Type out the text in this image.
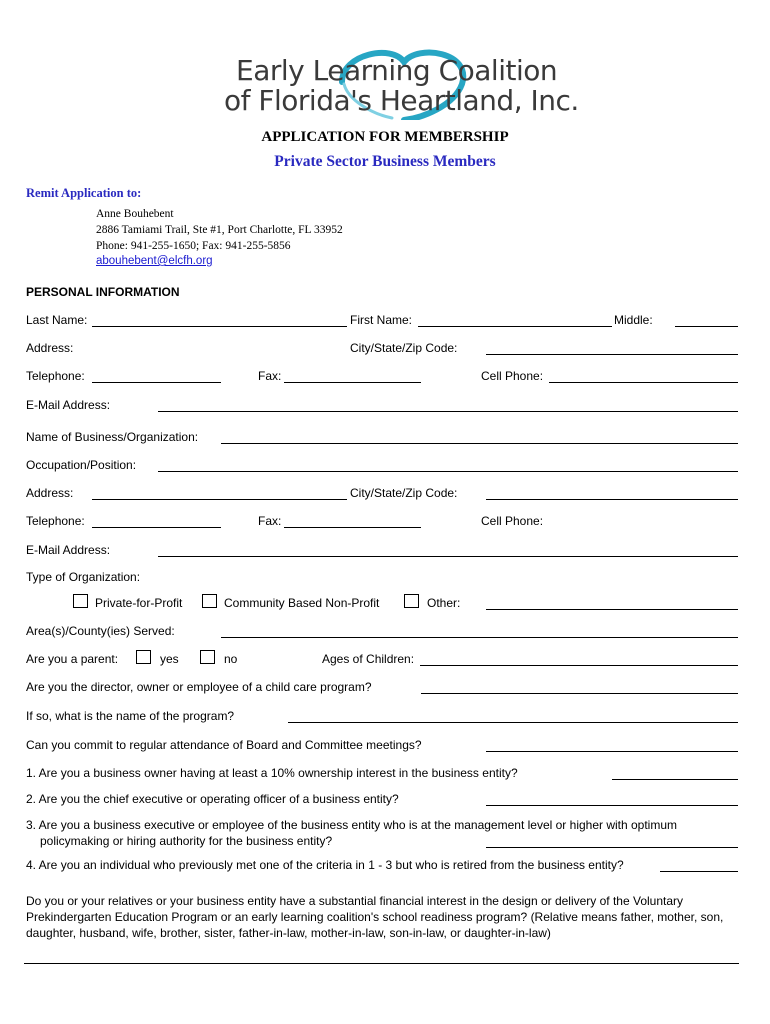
Early Learning Coalition
of Florida's Heartland, Inc.
APPLICATION FOR MEMBERSHIP
Private Sector Business Members
Remit Application to:
Anne Bouhebent
2886 Tamiami Trail, Ste #1, Port Charlotte, FL 33952
Phone: 941-255-1650; Fax: 941-255-5856
abouhebent@elcfh.org
PERSONAL INFORMATION
Last Name:	First Name:	Middle:
Address:	City/State/Zip Code:
Telephone:	Fax:	Cell Phone:
E-Mail Address:
Name of Business/Organization:
Occupation/Position:
Address:	City/State/Zip Code:
Telephone:	Fax:	Cell Phone:
E-Mail Address:
Type of Organization:
Private-for-Profit	Community Based Non-Profit	Other:
Area(s)/County(ies) Served:
Are you a parent:	yes	no	Ages of Children:
Are you the director, owner or employee of a child care program?
If so, what is the name of the program?
Can you commit to regular attendance of Board and Committee meetings?
1. Are you a business owner having at least a 10% ownership interest in the business entity?
2. Are you the chief executive or operating officer of a business entity?
3. Are you a business executive or employee of the business entity who is at the management level or higher with optimum
policymaking or hiring authority for the business entity?
4. Are you an individual who previously met one of the criteria in 1 - 3 but who is retired from the business entity?
Do you or your relatives or your business entity have a substantial financial interest in the design or delivery of the Voluntary Prekindergarten Education Program or an early learning coalition's school readiness program? (Relative means father, mother, son, daughter, husband, wife, brother, sister, father-in-law, mother-in-law, son-in-law, or daughter-in-law)
